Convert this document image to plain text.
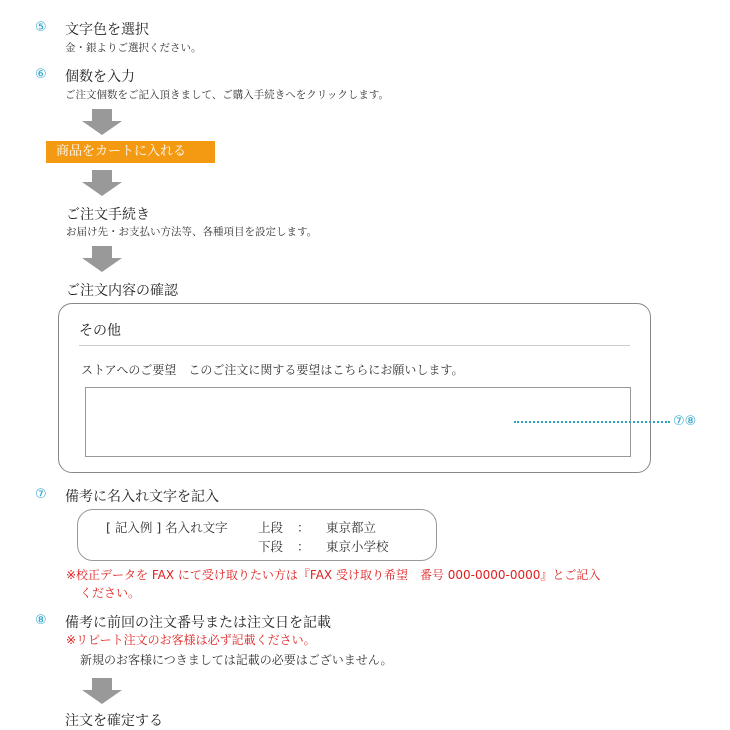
⑤ 文字色を選択
金・銀よりご選択ください。
⑥ 個数を入力
ご注文個数をご記入頂きまして、ご購入手続きへをクリックします。
商品をカートに入れる
ご注文手続き
お届け先・お支払い方法等、各種項目を設定します。
ご注文内容の確認
その他
ストアへのご要望　このご注文に関する要望はこちらにお願いします。
⑦⑧
⑦ 備考に名入れ文字を記入
[ 記入例 ] 名入れ文字 上段 ： 東京都立
下段 ： 東京小学校
※校正データを FAX にて受け取りたい方は『FAX 受け取り希望　番号 000-0000-0000』とご記入
ください。
⑧ 備考に前回の注文番号または注文日を記載
※リピート注文のお客様は必ず記載ください。
新規のお客様につきましては記載の必要はございません。
注文を確定する
